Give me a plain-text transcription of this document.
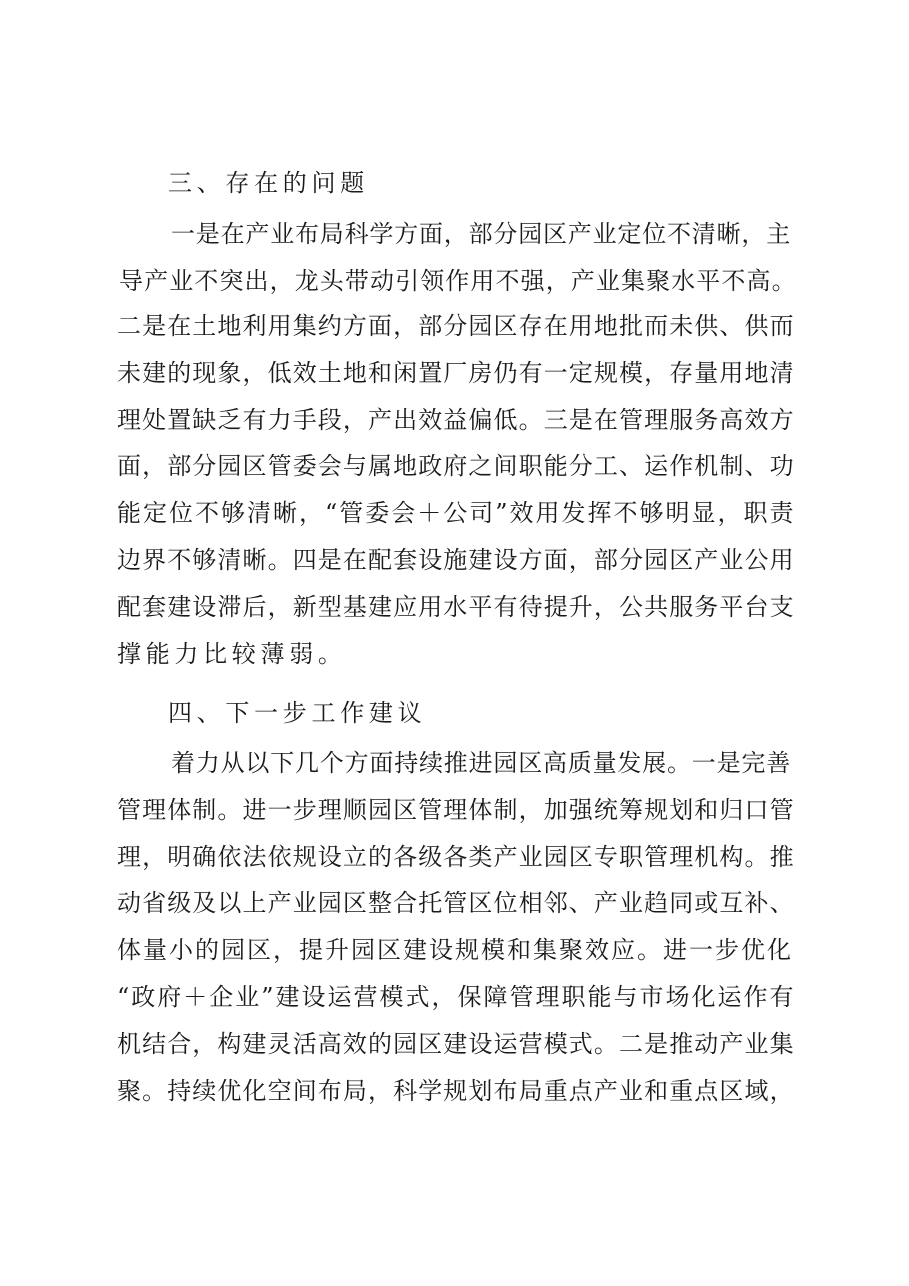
三、存在的问题
一是在产业布局科学方面，部分园区产业定位不清晰，主
导产业不突出，龙头带动引领作用不强，产业集聚水平不高。
二是在土地利用集约方面，部分园区存在用地批而未供、供而
未建的现象，低效土地和闲置厂房仍有一定规模，存量用地清
理处置缺乏有力手段，产出效益偏低。三是在管理服务高效方
面，部分园区管委会与属地政府之间职能分工、运作机制、功
能定位不够清晰，“管委会＋公司”效用发挥不够明显，职责
边界不够清晰。四是在配套设施建设方面，部分园区产业公用
配套建设滞后，新型基建应用水平有待提升，公共服务平台支
撑能力比较薄弱。
四、下一步工作建议
着力从以下几个方面持续推进园区高质量发展。一是完善
管理体制。进一步理顺园区管理体制，加强统筹规划和归口管
理，明确依法依规设立的各级各类产业园区专职管理机构。推
动省级及以上产业园区整合托管区位相邻、产业趋同或互补、
体量小的园区，提升园区建设规模和集聚效应。进一步优化
“政府＋企业”建设运营模式，保障管理职能与市场化运作有
机结合，构建灵活高效的园区建设运营模式。二是推动产业集
聚。持续优化空间布局，科学规划布局重点产业和重点区域，
